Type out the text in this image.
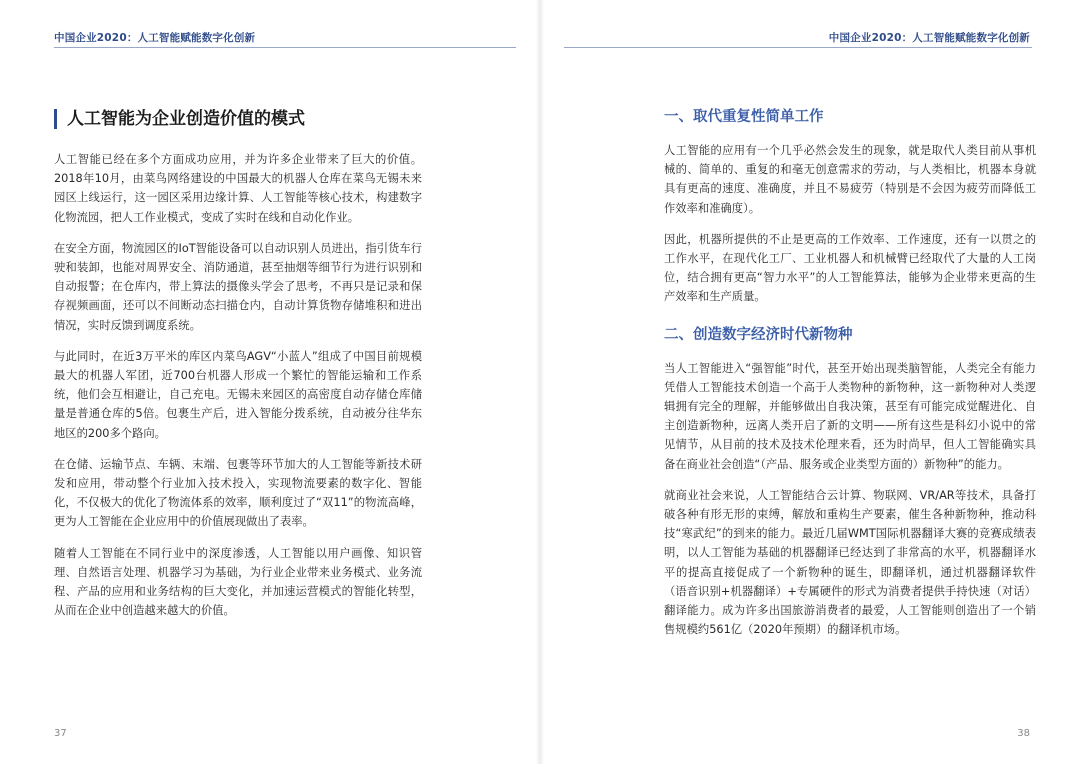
中国企业2020：人工智能赋能数字化创新
人工智能为企业创造价值的模式

人工智能已经在多个方面成功应用，并为许多企业带来了巨大的价值。2018年10月，由菜鸟网络建设的中国最大的机器人仓库在菜鸟无锡未来园区上线运行，这一园区采用边缘计算、人工智能等核心技术，构建数字化物流园，把人工作业模式，变成了实时在线和自动化作业。

在安全方面，物流园区的IoT智能设备可以自动识别人员进出，指引货车行驶和装卸，也能对周界安全、消防通道，甚至抽烟等细节行为进行识别和自动报警；在仓库内，带上算法的摄像头学会了思考，不再只是记录和保存视频画面，还可以不间断动态扫描仓内，自动计算货物存储堆积和进出情况，实时反馈到调度系统。

与此同时，在近3万平米的库区内菜鸟AGV“小蓝人”组成了中国目前规模最大的机器人军团，近700台机器人形成一个繁忙的智能运输和工作系统，他们会互相避让，自己充电。无锡未来园区的高密度自动存储仓库储量是普通仓库的5倍。包裹生产后，进入智能分拨系统，自动被分往华东地区的200多个路向。

在仓储、运输节点、车辆、末端、包裹等环节加大的人工智能等新技术研发和应用，带动整个行业加入技术投入，实现物流要素的数字化、智能化，不仅极大的优化了物流体系的效率，顺利度过了“双11”的物流高峰，更为人工智能在企业应用中的价值展现做出了表率。

随着人工智能在不同行业中的深度渗透，人工智能以用户画像、知识管理、自然语言处理、机器学习为基础，为行业企业带来业务模式、业务流程、产品的应用和业务结构的巨大变化，并加速运营模式的智能化转型，从而在企业中创造越来越大的价值。

37
中国企业2020：人工智能赋能数字化创新
一、取代重复性简单工作

人工智能的应用有一个几乎必然会发生的现象，就是取代人类目前从事机械的、简单的、重复的和毫无创意需求的劳动，与人类相比，机器本身就具有更高的速度、准确度，并且不易疲劳（特别是不会因为疲劳而降低工作效率和准确度）。

因此，机器所提供的不止是更高的工作效率、工作速度，还有一以贯之的工作水平，在现代化工厂、工业机器人和机械臂已经取代了大量的人工岗位，结合拥有更高“智力水平”的人工智能算法，能够为企业带来更高的生产效率和生产质量。

二、创造数字经济时代新物种

当人工智能进入“强智能”时代，甚至开始出现类脑智能，人类完全有能力凭借人工智能技术创造一个高于人类物种的新物种，这一新物种对人类逻辑拥有完全的理解，并能够做出自我决策，甚至有可能完成觉醒进化、自主创造新物种，远离人类开启了新的文明——所有这些是科幻小说中的常见情节，从目前的技术及技术伦理来看，还为时尚早，但人工智能确实具备在商业社会创造“（产品、服务或企业类型方面的）新物种”的能力。

就商业社会来说，人工智能结合云计算、物联网、VR/AR等技术，具备打破各种有形无形的束缚，解放和重构生产要素，催生各种新物种，推动科技“寒武纪”的到来的能力。最近几届WMT国际机器翻译大赛的竞赛成绩表明，以人工智能为基础的机器翻译已经达到了非常高的水平，机器翻译水平的提高直接促成了一个新物种的诞生，即翻译机，通过机器翻译软件（语音识别+机器翻译）+专属硬件的形式为消费者提供手持快速（对话）翻译能力。成为许多出国旅游消费者的最爱，人工智能则创造出了一个销售规模约561亿（2020年预期）的翻译机市场。

38
